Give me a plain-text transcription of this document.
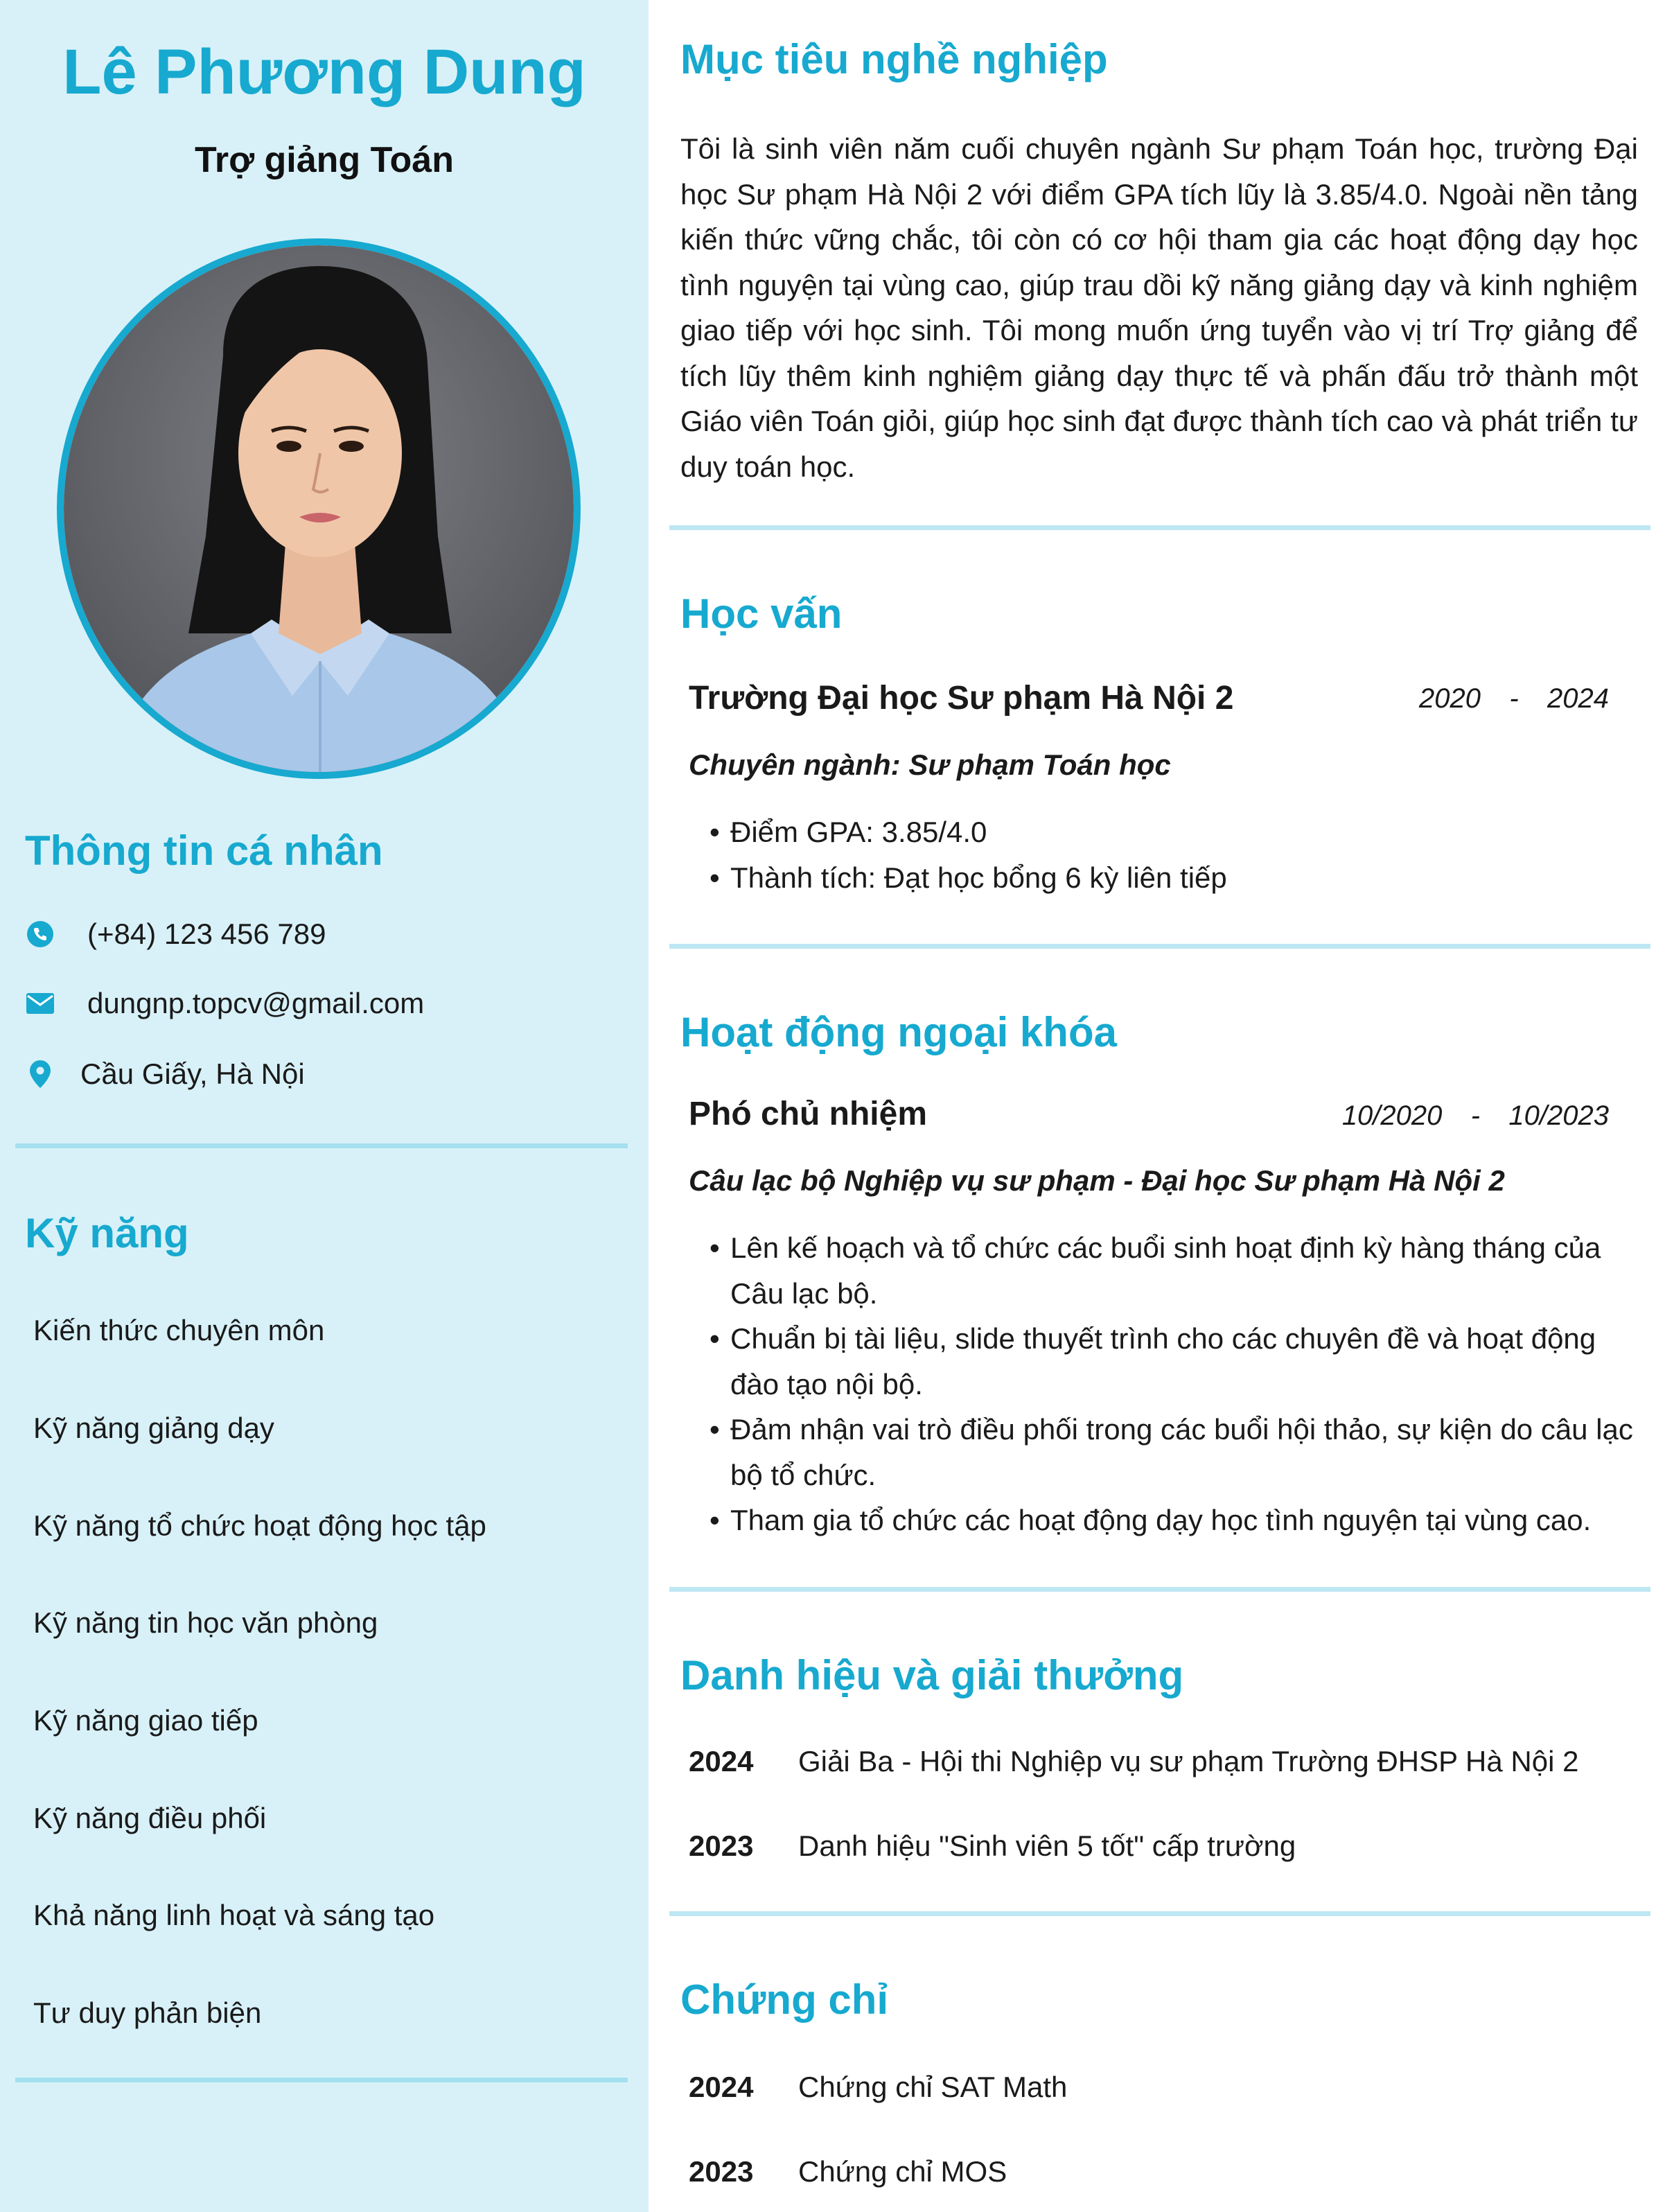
Lê Phương Dung
Trợ giảng Toán
Thông tin cá nhân
(+84) 123 456 789
dungnp.topcv@gmail.com
Cầu Giấy, Hà Nội
Kỹ năng
Kiến thức chuyên môn
Kỹ năng giảng dạy
Kỹ năng tổ chức hoạt động học tập
Kỹ năng tin học văn phòng
Kỹ năng giao tiếp
Kỹ năng điều phối
Khả năng linh hoạt và sáng tạo
Tư duy phản biện
Mục tiêu nghề nghiệp
Tôi là sinh viên năm cuối chuyên ngành Sư phạm Toán học, trường Đại học Sư phạm Hà Nội 2 với điểm GPA tích lũy là 3.85/4.0. Ngoài nền tảng kiến thức vững chắc, tôi còn có cơ hội tham gia các hoạt động dạy học tình nguyện tại vùng cao, giúp trau dồi kỹ năng giảng dạy và kinh nghiệm giao tiếp với học sinh. Tôi mong muốn ứng tuyển vào vị trí Trợ giảng để tích lũy thêm kinh nghiệm giảng dạy thực tế và phấn đấu trở thành một Giáo viên Toán giỏi, giúp học sinh đạt được thành tích cao và phát triển tư duy toán học.
Học vấn
Trường Đại học Sư phạm Hà Nội 2	2020	-	2024
Chuyên ngành: Sư phạm Toán học
• Điểm GPA: 3.85/4.0
• Thành tích: Đạt học bổng 6 kỳ liên tiếp
Hoạt động ngoại khóa
Phó chủ nhiệm	10/2020	-	10/2023
Câu lạc bộ Nghiệp vụ sư phạm - Đại học Sư phạm Hà Nội 2
• Lên kế hoạch và tổ chức các buổi sinh hoạt định kỳ hàng tháng của Câu lạc bộ.
• Chuẩn bị tài liệu, slide thuyết trình cho các chuyên đề và hoạt động đào tạo nội bộ.
• Đảm nhận vai trò điều phối trong các buổi hội thảo, sự kiện do câu lạc bộ tổ chức.
• Tham gia tổ chức các hoạt động dạy học tình nguyện tại vùng cao.
Danh hiệu và giải thưởng
2024	Giải Ba - Hội thi Nghiệp vụ sư phạm Trường ĐHSP Hà Nội 2
2023	Danh hiệu "Sinh viên 5 tốt" cấp trường
Chứng chỉ
2024	Chứng chỉ SAT Math
2023	Chứng chỉ MOS
